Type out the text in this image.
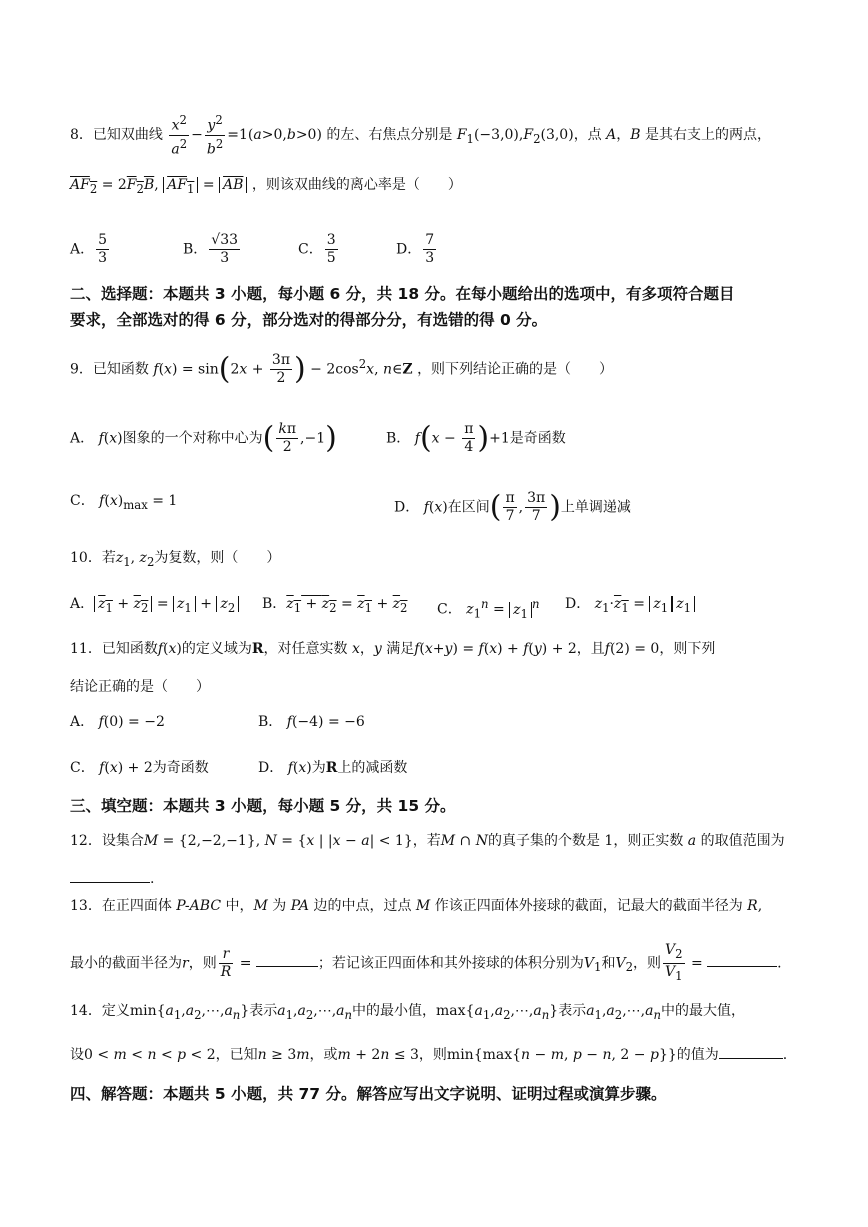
8．已知双曲线 $\frac{x^2}{a^2} - \frac{y^2}{b^2} =1(a>0,b>0)$ 的左、右焦点分别是 $F_1(-3,0),F_2(3,0)$，点 A，B 是其右支上的两点，
$AF_2 = 2F_2B$, $AF_1 = \overline{AB}$ ，则该双曲线的离心率是（　　）
A． $\frac{5}{3}$	B． $\frac{√33}{3}$	C． $\frac{3}{5}$	D． $\frac{7}{3}$
二、选择题：本题共 3 小题，每小题 6 分，共 18 分。在每小题给出的选项中，有多项符合题目
要求，全部选对的得 6 分，部分选对的得部分分，有选错的得 0 分。
9．已知函数 $f(x) = \sin(2x + \frac{3\pi}{2}$ ) − $2\cos^2x$, n∈Z ，则下列结论正确的是（　　）
A． f(x)图象的一个对称中心为( $\frac{k\pi}{2} ,-1$)	B． $f(x - \frac{\pi}{4} )+1$是奇函数
C． $f(x)_{max} = 1$	D． f(x)在区间( $\frac{\pi}{7}$ , $\frac{3\pi}{7}$ )上单调递减
10．若$z_1$, $z_2$为复数，则（　　）
A． $z_1 + z_2 = z_1 + z_2$ B．$z_1 + z_2 = z_1 + z_2$ C． $z_1^n = z_1^n$ D． $z_1\cdot z_1 = z_1$ $z_1$
11．已知函数f(x)的定义域为R，对任意实数 x，y 满足f(x+y) = f(x) + f(y) + 2，且f(2) = 0，则下列
结论正确的是（　　）
A． f(0) = −2	B． f(−4) = −6
C． f(x) + 2为奇函数	D． f(x)为R上的减函数
三、填空题：本题共 3 小题，每小题 5 分，共 15 分。
12．设集合M = {2,−2,−1}, N = {x | |x − a| < 1}，若M ∩ N的真子集的个数是 1，则正实数 a 的取值范围为
.
13．在正四面体 P-ABC 中，M 为 PA 边的中点，过点 M 作该正四面体外接球的截面，记最大的截面半径为 R,
最小的截面半径为r，则 $\frac{r}{R}$ =	；若记该正四面体和其外接球的体积分别为$V_1$和$V_2$，则 $\frac{V_2}{V_1}$ =	.
14．定义$\min\{a_1,a_2,\cdots,a_n\}$表示$a_1,a_2,\cdots,a_n$中的最小值，$\max\{a_1,a_2,\cdots,a_n\}$表示$a_1,a_2,\cdots,a_n$中的最大值，
设0 < m < n < p < 2，已知n ≥ 3m，或m + 2n ≤ 3，则min{max{n − m, p − n, 2 − p}}的值为	.
四、解答题：本题共 5 小题，共 77 分。解答应写出文字说明、证明过程或演算步骤。
